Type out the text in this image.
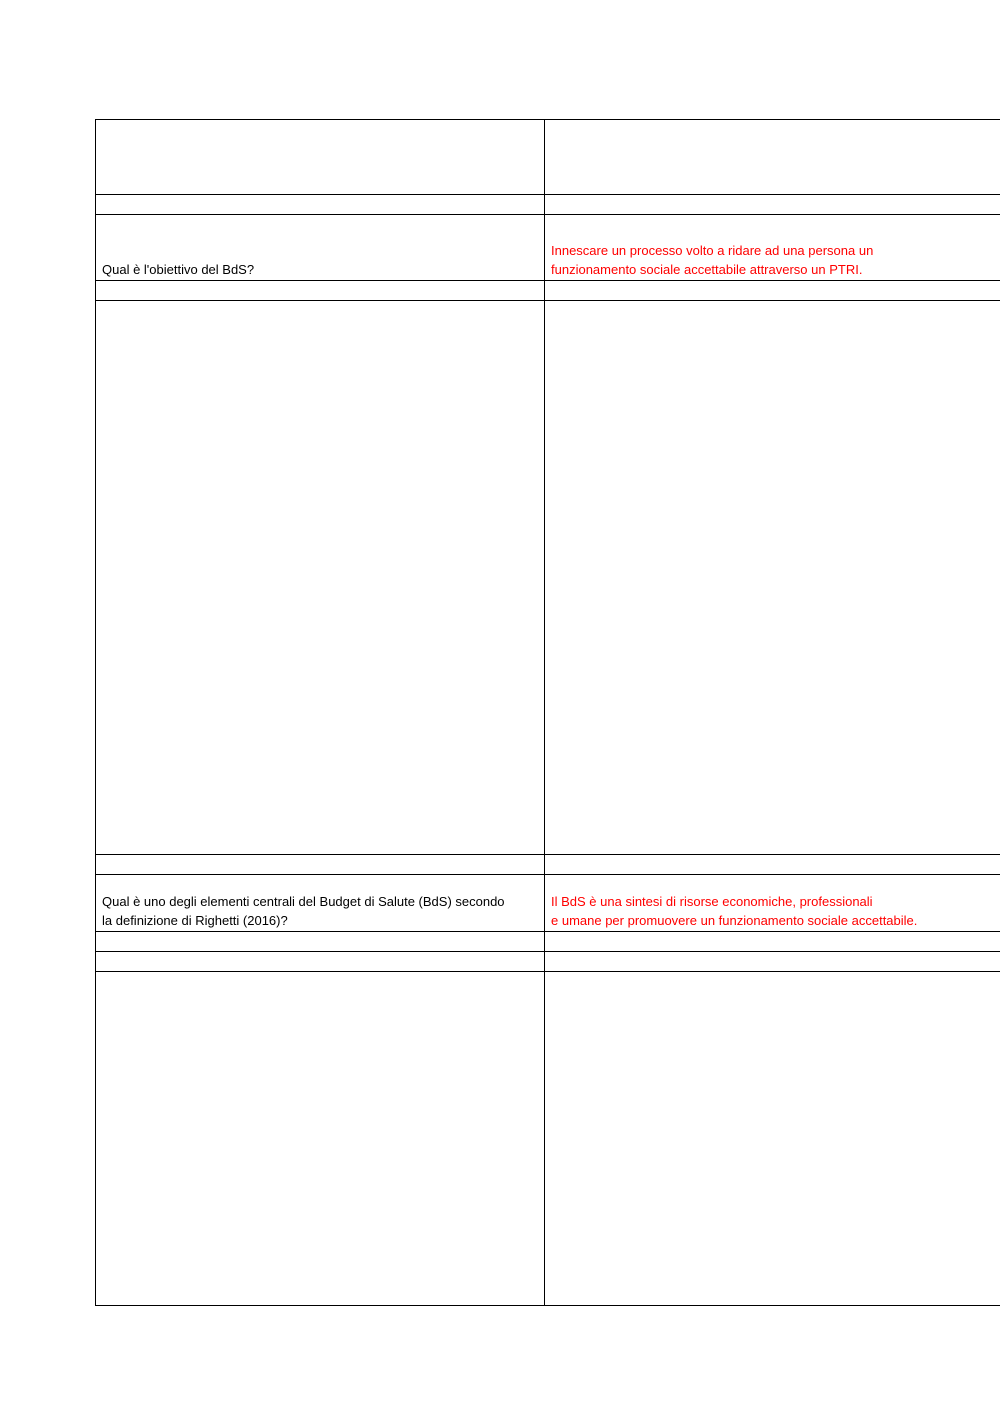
Qual è l'obiettivo del BdS?	Innescare un processo volto a ridare ad una persona un
funzionamento sociale accettabile attraverso un PTRI.

Qual è uno degli elementi centrali del Budget di Salute (BdS) secondo
la definizione di Righetti (2016)?	Il BdS è una sintesi di risorse economiche, professionali
e umane per promuovere un funzionamento sociale accettabile.
